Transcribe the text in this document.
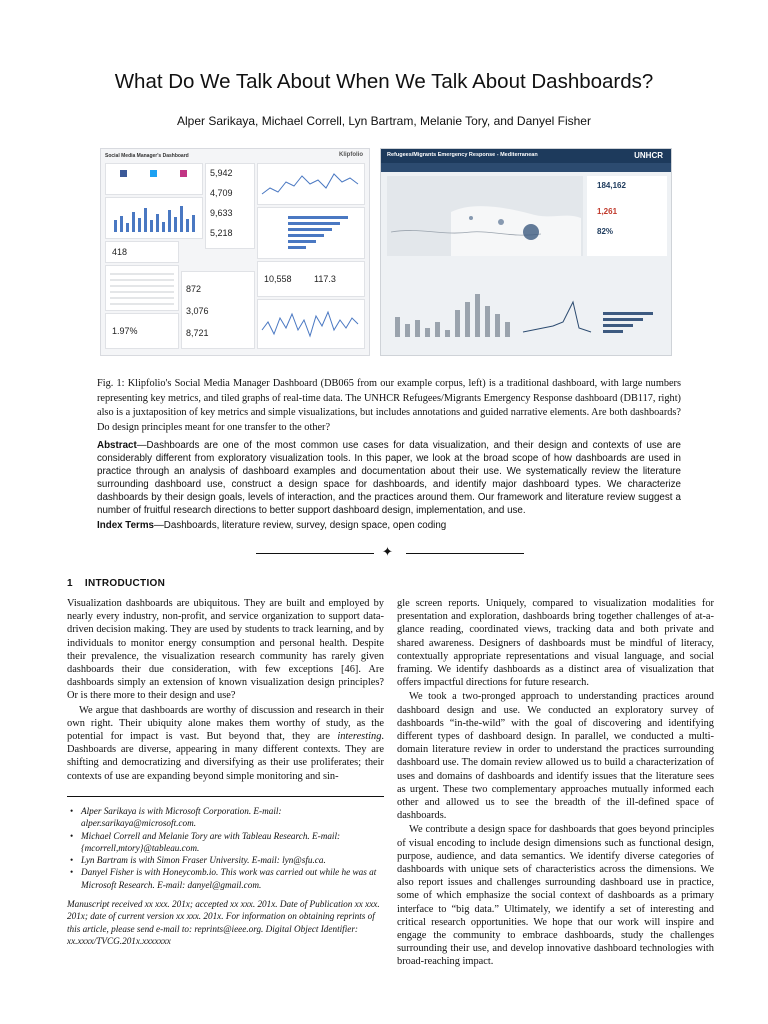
What Do We Talk About When We Talk About Dashboards?
Alper Sarikaya, Michael Correll, Lyn Bartram, Melanie Tory, and Danyel Fisher
Social Media Manager's Dashboard	Klipfolio
418
1.97%
5,942
4,709
9,633
5,218
872
3,076
8,721
10,558 117.3
Refugees/Migrants Emergency Response - Mediterranean	UNHCR
184,162
1,261
82%
Fig. 1: Klipfolio's Social Media Manager Dashboard (DB065 from our example corpus, left) is a traditional dashboard, with large numbers representing key metrics, and tiled graphs of real-time data. The UNHCR Refugees/Migrants Emergency Response dashboard (DB117, right) also is a juxtaposition of key metrics and simple visualizations, but includes annotations and guided narrative elements. Are both dashboards? Do design principles meant for one transfer to the other?
Abstract—Dashboards are one of the most common use cases for data visualization, and their design and contexts of use are considerably different from exploratory visualization tools. In this paper, we look at the broad scope of how dashboards are used in practice through an analysis of dashboard examples and documentation about their use. We systematically review the literature surrounding dashboard use, construct a design space for dashboards, and identify major dashboard types. We characterize dashboards by their design goals, levels of interaction, and the practices around them. Our framework and literature review suggest a number of fruitful research directions to better support dashboard design, implementation, and use.
Index Terms—Dashboards, literature review, survey, design space, open coding
✦
1 INTRODUCTION

Visualization dashboards are ubiquitous. They are built and employed by nearly every industry, non-profit, and service organization to support data-driven decision making. They are used by students to track learning, and by individuals to monitor energy consumption and personal health. Despite their prevalence, the visualization research community has rarely given dashboards their due consideration, with few exceptions [46]. Are dashboards simply an extension of known visualization design principles? Or is there more to their design and use?

We argue that dashboards are worthy of discussion and research in their own right. Their ubiquity alone makes them worthy of study, as the potential for impact is vast. But beyond that, they are interesting. Dashboards are diverse, appearing in many different contexts. They are shifting and democratizing and diversifying as their use proliferates; their contexts of use are expanding beyond simple monitoring and sin-

• Alper Sarikaya is with Microsoft Corporation. E-mail: alper.sarikaya@microsoft.com.
• Michael Correll and Melanie Tory are with Tableau Research. E-mail: {mcorrell,mtory}@tableau.com.
• Lyn Bartram is with Simon Fraser University. E-mail: lyn@sfu.ca.
• Danyel Fisher is with Honeycomb.io. This work was carried out while he was at Microsoft Research. E-mail: danyel@gmail.com.
Manuscript received xx xxx. 201x; accepted xx xxx. 201x. Date of Publication xx xxx. 201x; date of current version xx xxx. 201x. For information on obtaining reprints of this article, please send e-mail to: reprints@ieee.org. Digital Object Identifier: xx.xxxx/TVCG.201x.xxxxxxx

gle screen reports. Uniquely, compared to visualization modalities for presentation and exploration, dashboards bring together challenges of at-a-glance reading, coordinated views, tracking data and both private and shared awareness. Designers of dashboards must be mindful of literacy, contextually appropriate representations and visual language, and social framing. We identify dashboards as a distinct area of visualization that offers impactful directions for future research.

We took a two-pronged approach to understanding practices around dashboard design and use. We conducted an exploratory survey of dashboards “in-the-wild” with the goal of discovering and identifying different types of dashboard design. In parallel, we conducted a multi-domain literature review in order to understand the practices surrounding dashboard use. The domain review allowed us to build a characterization of uses and domains of dashboards and identify issues that the literature sees as urgent. These two complementary approaches mutually informed each other and allowed us to see the breadth of the ill-defined space of dashboards.

We contribute a design space for dashboards that goes beyond principles of visual encoding to include design dimensions such as functional design, purpose, audience, and data semantics. We identify diverse categories of dashboards with unique sets of characteristics across the dimensions. We also report issues and challenges surrounding dashboard use in practice, some of which emphasize the social context of dashboards as a primary interface to “big data.” Ultimately, we identify a set of interesting and critical research opportunities. We hope that our work will inspire and engage the community to embrace dashboards, study the challenges surrounding their use, and develop innovative dashboard technologies with broad-reaching impact.
